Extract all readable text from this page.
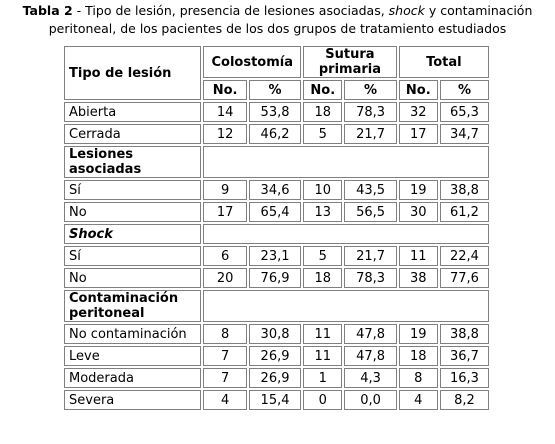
Tabla 2 - Tipo de lesión, presencia de lesiones asociadas, shock y contaminación peritoneal, de los pacientes de los dos grupos de tratamiento estudiados
Tipo de lesión	Colostomía		Sutura primaria		Total	
	No.	%	No.	%	No.	%
Abierta	14	53,8	18	78,3	32	65,3
Cerrada	12	46,2	5	21,7	17	34,7
Lesiones asociadas						
Sí	9	34,6	10	43,5	19	38,8
No	17	65,4	13	56,5	30	61,2
Shock						
Sí	6	23,1	5	21,7	11	22,4
No	20	76,9	18	78,3	38	77,6
Contaminación peritoneal						
No contaminación	8	30,8	11	47,8	19	38,8
Leve	7	26,9	11	47,8	18	36,7
Moderada	7	26,9	1	4,3	8	16,3
Severa	4	15,4	0	0,0	4	8,2
